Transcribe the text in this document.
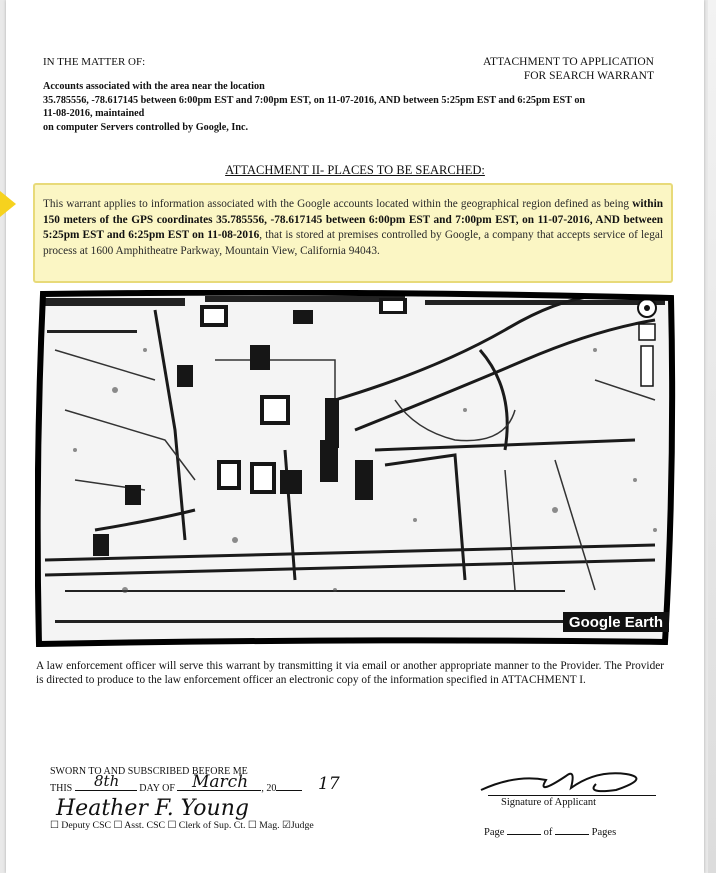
IN THE MATTER OF:	ATTACHMENT TO APPLICATION
FOR SEARCH WARRANT
Accounts associated with the area near the location
35.785556, -78.617145 between 6:00pm EST and 7:00pm EST, on 11-07-2016, AND between 5:25pm EST and 6:25pm EST on
11-08-2016, maintained
on computer Servers controlled by Google, Inc.
ATTACHMENT II- PLACES TO BE SEARCHED:
This warrant applies to information associated with the Google accounts located within the geographical region defined as being within 150 meters of the GPS coordinates 35.785556, -78.617145 between 6:00pm EST and 7:00pm EST, on 11-07-2016, AND between 5:25pm EST and 6:25pm EST on 11-08-2016, that is stored at premises controlled by Google, a company that accepts service of legal process at 1600 Amphitheatre Parkway, Mountain View, California 94043.
Google Earth
A law enforcement officer will serve this warrant by transmitting it via email or another appropriate manner to the Provider. The Provider is directed to produce to the law enforcement officer an electronic copy of the information specified in ATTACHMENT I.
SWORN TO AND SUBSCRIBED BEFORE ME
THIS	DAY OF	, 20
8th	March	17
Heather F. Young
☐ Deputy CSC ☐ Asst. CSC ☐ Clerk of Sup. Ct. ☐ Mag. ☑Judge
Signature of Applicant
Page	of	Pages
